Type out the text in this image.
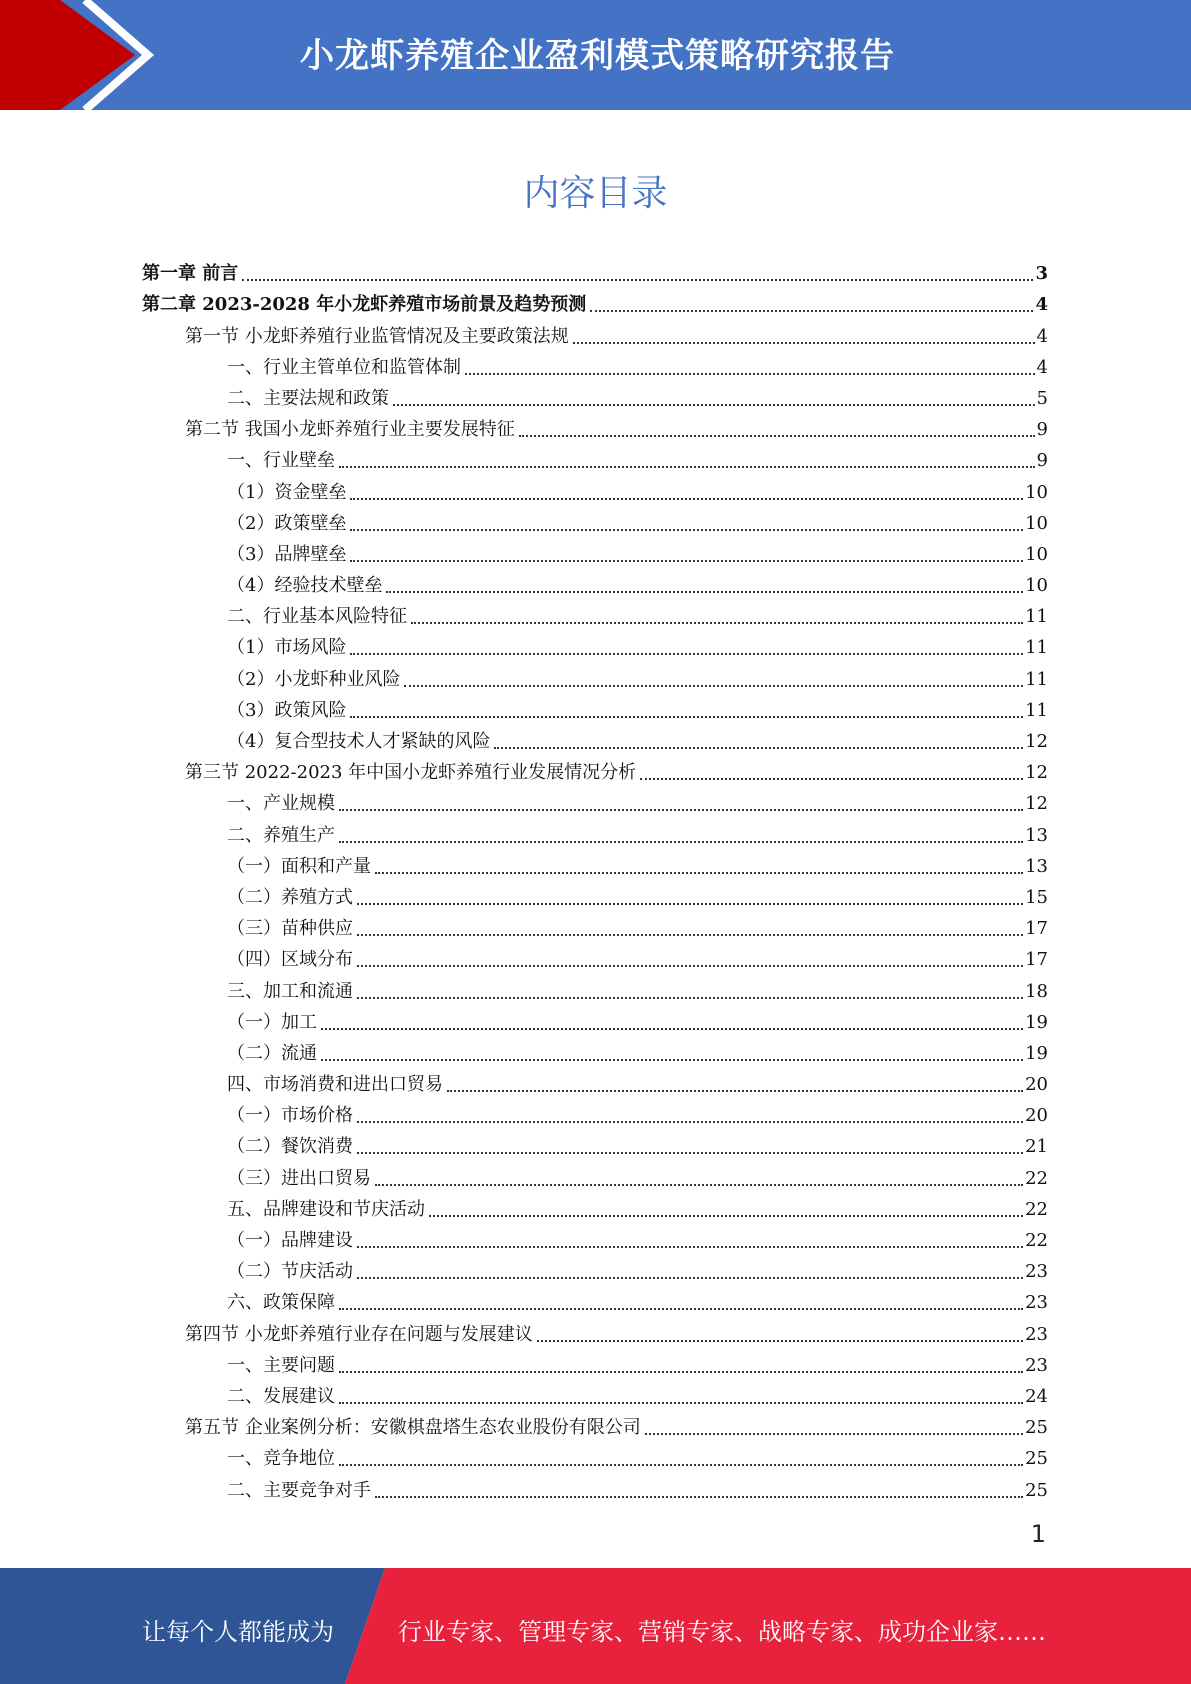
小龙虾养殖企业盈利模式策略研究报告
内容目录
第一章 前言	3
第二章 2023-2028 年小龙虾养殖市场前景及趋势预测	4
第一节 小龙虾养殖行业监管情况及主要政策法规	4
一、行业主管单位和监管体制	4
二、主要法规和政策	5
第二节 我国小龙虾养殖行业主要发展特征	9
一、行业壁垒	9
（1）资金壁垒	10
（2）政策壁垒	10
（3）品牌壁垒	10
（4）经验技术壁垒	10
二、行业基本风险特征	11
（1）市场风险	11
（2）小龙虾种业风险	11
（3）政策风险	11
（4）复合型技术人才紧缺的风险	12
第三节 2022-2023 年中国小龙虾养殖行业发展情况分析	12
一、产业规模	12
二、养殖生产	13
（一）面积和产量	13
（二）养殖方式	15
（三）苗种供应	17
（四）区域分布	17
三、加工和流通	18
（一）加工	19
（二）流通	19
四、市场消费和进出口贸易	20
（一）市场价格	20
（二）餐饮消费	21
（三）进出口贸易	22
五、品牌建设和节庆活动	22
（一）品牌建设	22
（二）节庆活动	23
六、政策保障	23
第四节 小龙虾养殖行业存在问题与发展建议	23
一、主要问题	23
二、发展建议	24
第五节 企业案例分析：安徽棋盘塔生态农业股份有限公司	25
一、竞争地位	25
二、主要竞争对手	25
1
让每个人都能成为	行业专家、管理专家、营销专家、战略专家、成功企业家……
